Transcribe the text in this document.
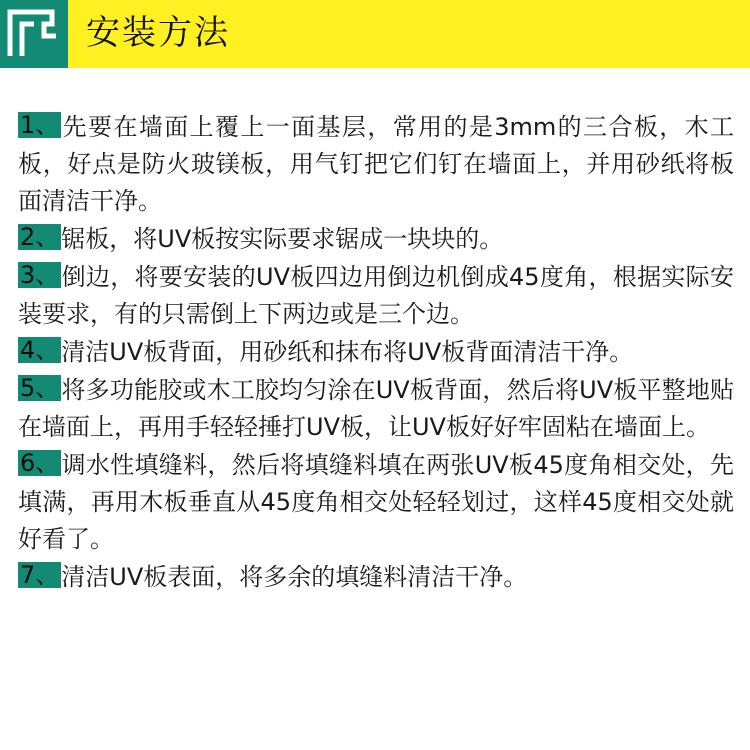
安装方法
1、先要在墙面上覆上一面基层，常用的是3mm的三合板，木工板，好点是防火玻镁板，用气钉把它们钉在墙面上，并用砂纸将板面清洁干净。
2、锯板，将UV板按实际要求锯成一块块的。
3、倒边，将要安装的UV板四边用倒边机倒成45度角，根据实际安装要求，有的只需倒上下两边或是三个边。
4、清洁UV板背面，用砂纸和抹布将UV板背面清洁干净。
5、将多功能胶或木工胶均匀涂在UV板背面，然后将UV板平整地贴在墙面上，再用手轻轻捶打UV板，让UV板好好牢固粘在墙面上。
6、调水性填缝料，然后将填缝料填在两张UV板45度角相交处，先填满，再用木板垂直从45度角相交处轻轻划过，这样45度相交处就好看了。
7、清洁UV板表面，将多余的填缝料清洁干净。
